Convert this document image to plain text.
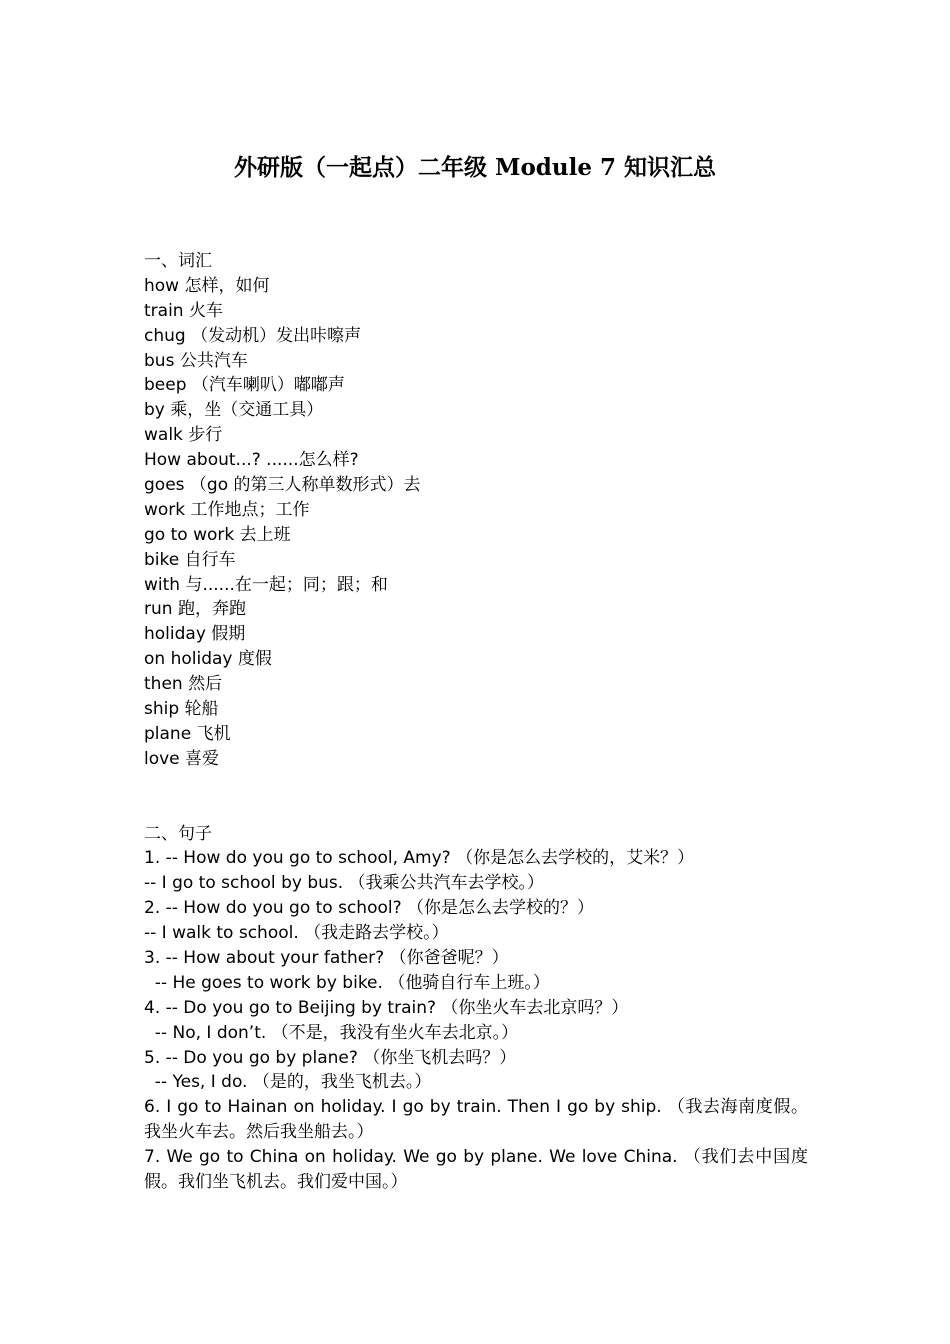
外研版（一起点）二年级 Module 7 知识汇总
一、词汇
how 怎样，如何
train 火车
chug （发动机）发出咔嚓声
bus 公共汽车
beep （汽车喇叭）嘟嘟声
by 乘，坐（交通工具）
walk 步行
How about...? ......怎么样?
goes （go 的第三人称单数形式）去
work 工作地点；工作
go to work 去上班
bike 自行车
with 与......在一起；同；跟；和
run 跑，奔跑
holiday 假期
on holiday 度假
then 然后
ship 轮船
plane 飞机
love 喜爱
二、句子
1. -- How do you go to school, Amy? （你是怎么去学校的，艾米？）
-- I go to school by bus. （我乘公共汽车去学校。）
2. -- How do you go to school? （你是怎么去学校的？）
-- I walk to school. （我走路去学校。）
3. -- How about your father? （你爸爸呢？）
-- He goes to work by bike. （他骑自行车上班。）
4. -- Do you go to Beijing by train? （你坐火车去北京吗？）
-- No, I don’t. （不是，我没有坐火车去北京。）
5. -- Do you go by plane? （你坐飞机去吗？）
-- Yes, I do. （是的，我坐飞机去。）
6. I go to Hainan on holiday. I go by train. Then I go by ship. （我去海南度假。我坐火车去。然后我坐船去。）
7. We go to China on holiday. We go by plane. We love China. （我们去中国度假。我们坐飞机去。我们爱中国。）
